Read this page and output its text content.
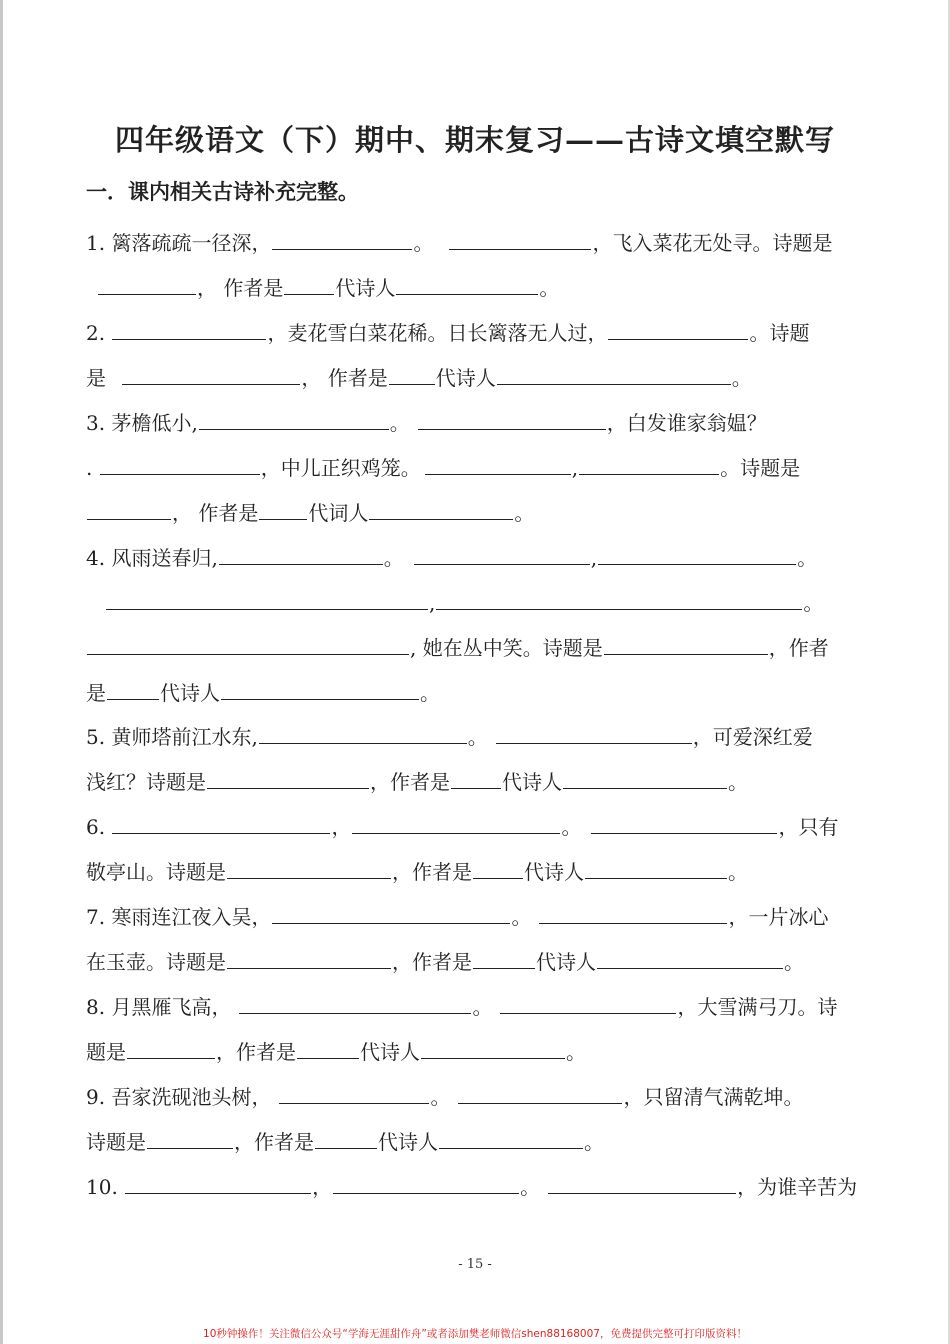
四年级语文（下）期中、期末复习——古诗文填空默写
一．课内相关古诗补充完整。
1. 篱落疏疏一径深，	。	，飞入菜花无处寻。诗题是
， 作者是	代诗人	。
2.	，麦花雪白菜花稀。日长篱落无人过，	。诗题
是	， 作者是 代诗人	。
3. 茅檐低小,	。	，白发谁家翁媪？
.	，中儿正织鸡笼。	,	。诗题是
， 作者是	代词人	。
4. 风雨送春归,	。	,	。
,	。
, 她在丛中笑。诗题是	，作者
是	代诗人	。
5. 黄师塔前江水东,	。	，可爱深红爱
浅红？诗题是	，作者是	代诗人	。
6.	，	。	，只有
敬亭山。诗题是	，作者是	代诗人	。
7. 寒雨连江夜入吴，	。	，一片冰心
在玉壶。诗题是	，作者是	代诗人	。
8. 月黑雁飞高，	。	，大雪满弓刀。诗
题是	，作者是	代诗人	。
9. 吾家洗砚池头树，	。	，只留清气满乾坤。
诗题是	，作者是	代诗人	。
10.	，	。	，为谁辛苦为
- 15 -
10秒钟操作！关注微信公众号“学海无涯甜作舟”或者添加樊老师微信shen88168007，免费提供完整可打印版资料！
